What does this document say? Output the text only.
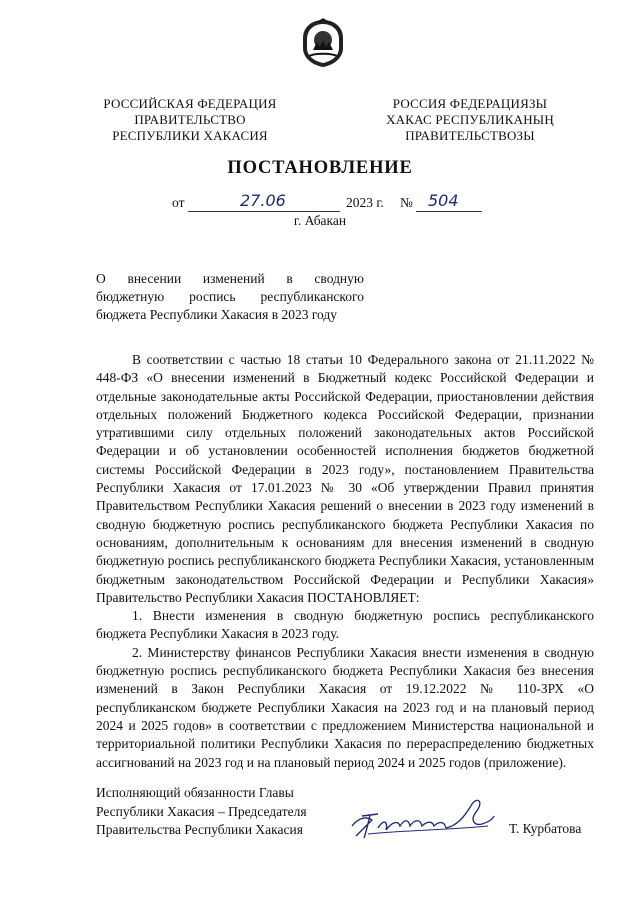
РОССИЙСКАЯ ФЕДЕРАЦИЯ
ПРАВИТЕЛЬСТВО
РЕСПУБЛИКИ ХАКАСИЯ
РОССИЯ ФЕДЕРАЦИЯЗЫ
ХАКАС РЕСПУБЛИКАНЫҢ
ПРАВИТЕЛЬСТВОЗЫ
ПОСТАНОВЛЕНИЕ
от	27.06	2023 г. № 504
г. Абакан
О внесении изменений в сводную
бюджетную роспись республиканского
бюджета Республики Хакасия в 2023 году

В соответствии с частью 18 статьи 10 Федерального закона от 21.11.2022 № 448-ФЗ «О внесении изменений в Бюджетный кодекс Российской Федерации и отдельные законодательные акты Российской Федерации, приостановлении действия отдельных положений Бюджетного кодекса Российской Федерации, признании утратившими силу отдельных положений законодательных актов Российской Федерации и об установлении особенностей исполнения бюджетов бюджетной системы Российской Федерации в 2023 году», постановлением Правительства Республики Хакасия от 17.01.2023 № 30 «Об утверждении Правил принятия Правительством Республики Хакасия решений о внесении в 2023 году изменений в сводную бюджетную роспись республиканского бюджета Республики Хакасия по основаниям, дополнительным к основаниям для внесения изменений в сводную бюджетную роспись республиканского бюджета Республики Хакасия, установленным бюджетным законодательством Российской Федерации и Республики Хакасия» Правительство Республики Хакасия ПОСТАНОВЛЯЕТ:

1. Внести изменения в сводную бюджетную роспись республиканского бюджета Республики Хакасия в 2023 году.

2. Министерству финансов Республики Хакасия внести изменения в сводную бюджетную роспись республиканского бюджета Республики Хакасия без внесения изменений в Закон Республики Хакасия от 19.12.2022 № 110-ЗРХ «О республиканском бюджете Республики Хакасия на 2023 год и на плановый период 2024 и 2025 годов» в соответствии с предложением Министерства национальной и территориальной политики Республики Хакасия по перераспределению бюджетных ассигнований на 2023 год и на плановый период 2024 и 2025 годов (приложение).

Исполняющий обязанности Главы
Республики Хакасия – Председателя
Правительства Республики Хакасия	Т. Курбатова
